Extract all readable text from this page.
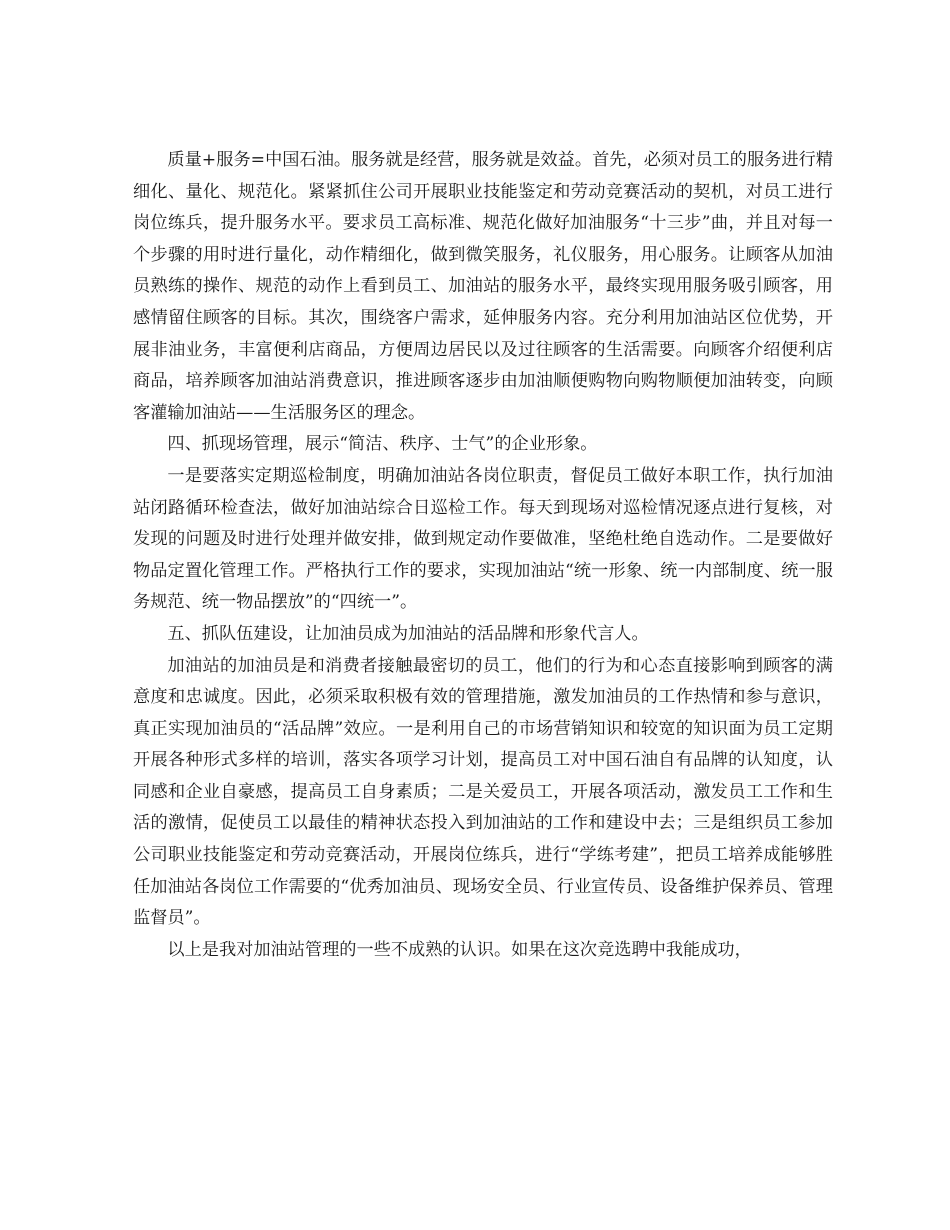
质量+服务=中国石油。服务就是经营，服务就是效益。首先，必须对员工的服务进行精细化、量化、规范化。紧紧抓住公司开展职业技能鉴定和劳动竞赛活动的契机，对员工进行岗位练兵，提升服务水平。要求员工高标准、规范化做好加油服务“十三步”曲，并且对每一个步骤的用时进行量化，动作精细化，做到微笑服务，礼仪服务，用心服务。让顾客从加油员熟练的操作、规范的动作上看到员工、加油站的服务水平，最终实现用服务吸引顾客，用感情留住顾客的目标。其次，围绕客户需求，延伸服务内容。充分利用加油站区位优势，开展非油业务，丰富便利店商品，方便周边居民以及过往顾客的生活需要。向顾客介绍便利店商品，培养顾客加油站消费意识，推进顾客逐步由加油顺便购物向购物顺便加油转变，向顾客灌输加油站——生活服务区的理念。

四、抓现场管理，展示“简洁、秩序、士气”的企业形象。

一是要落实定期巡检制度，明确加油站各岗位职责，督促员工做好本职工作，执行加油站闭路循环检查法，做好加油站综合日巡检工作。每天到现场对巡检情况逐点进行复核，对发现的问题及时进行处理并做安排，做到规定动作要做准，坚绝杜绝自选动作。二是要做好物品定置化管理工作。严格执行工作的要求，实现加油站“统一形象、统一内部制度、统一服务规范、统一物品摆放”的“四统一”。

五、抓队伍建设，让加油员成为加油站的活品牌和形象代言人。

加油站的加油员是和消费者接触最密切的员工，他们的行为和心态直接影响到顾客的满意度和忠诚度。因此，必须采取积极有效的管理措施，激发加油员的工作热情和参与意识，真正实现加油员的“活品牌”效应。一是利用自己的市场营销知识和较宽的知识面为员工定期开展各种形式多样的培训，落实各项学习计划，提高员工对中国石油自有品牌的认知度，认同感和企业自豪感，提高员工自身素质；二是关爱员工，开展各项活动，激发员工工作和生活的激情，促使员工以最佳的精神状态投入到加油站的工作和建设中去；三是组织员工参加公司职业技能鉴定和劳动竞赛活动，开展岗位练兵，进行“学练考建”，把员工培养成能够胜任加油站各岗位工作需要的“优秀加油员、现场安全员、行业宣传员、设备维护保养员、管理监督员”。

以上是我对加油站管理的一些不成熟的认识。如果在这次竞选聘中我能成功，
